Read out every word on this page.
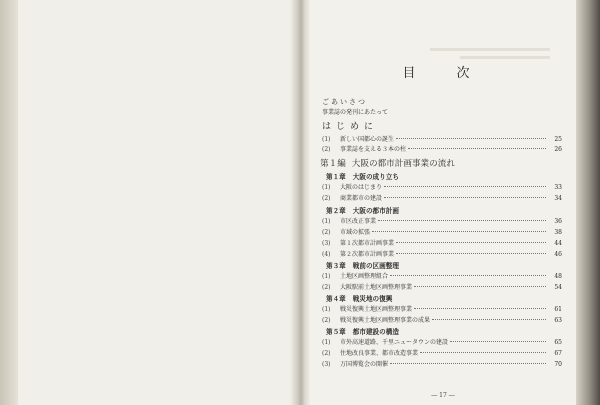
目　次
ごあいさつ
事業誌の発刊にあたって
はじめに
(1)	新しい国都心の誕生	25
(2)	事業誌を支える３本の柱	26
第１編 大阪の都市計画事業の流れ
第１章 大阪の成り立ち
(1)	大阪のはじまり	33
(2)	商業都市の建設	34
第２章 大阪の都市計画
(1)	市区改正事業	36
(2)	市域の拡張	38
(3)	第１次都市計画事業	44
(4)	第２次都市計画事業	46
第３章 戦前の区画整理
(1)	土地区画整理組合	48
(2)	大阪駅前土地区画整理事業	54
第４章 戦災地の復興
(1)	戦災復興土地区画整理事業	61
(2)	戦災復興土地区画整理事業の成果	63
第５章 都市建設の構造
(1)	市外高速道路、千里ニュータウンの建設	65
(2)	住地改良事業、都市改造事業	67
(3)	万国博覧会の開催	70
― 17 ―
